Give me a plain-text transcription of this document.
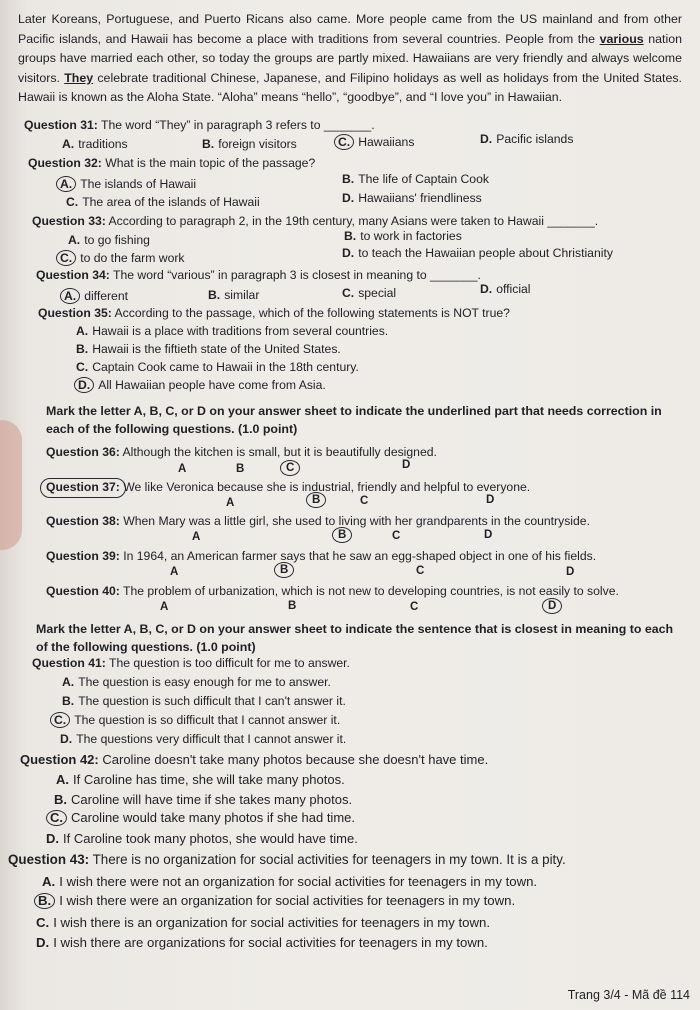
Later Koreans, Portuguese, and Puerto Ricans also came. More people came from the US mainland and from other Pacific islands, and Hawaii has become a place with traditions from several countries. People from the various nation groups have married each other, so today the groups are partly mixed. Hawaiians are very friendly and always welcome visitors. They celebrate traditional Chinese, Japanese, and Filipino holidays as well as holidays from the United States. Hawaii is known as the Aloha State. “Aloha” means “hello”, “goodbye”, and “I love you” in Hawaiian.
Question 31: The word “They” in paragraph 3 refers to _______.
A. traditions	B. foreign visitors	C. Hawaiians	D. Pacific islands
Question 32: What is the main topic of the passage?
A. The islands of Hawaii	B. The life of Captain Cook
C. The area of the islands of Hawaii	D. Hawaiians' friendliness
Question 33: According to paragraph 2, in the 19th century, many Asians were taken to Hawaii _______.
A. to go fishing	B. to work in factories
C. to do the farm work	D. to teach the Hawaiian people about Christianity
Question 34: The word “various” in paragraph 3 is closest in meaning to _______.
A. different	B. similar	C. special	D. official
Question 35: According to the passage, which of the following statements is NOT true?
A. Hawaii is a place with traditions from several countries.
B. Hawaii is the fiftieth state of the United States.
C. Captain Cook came to Hawaii in the 18th century.
D. All Hawaiian people have come from Asia.
Mark the letter A, B, C, or D on your answer sheet to indicate the underlined part that needs correction in each of the following questions. (1.0 point)
Question 36: Although the kitchen is small, but it is beautifully designed.
A	B	C	D
Question 37: We like Veronica because she is industrial, friendly and helpful to everyone.
A	B	C	D
Question 38: When Mary was a little girl, she used to living with her grandparents in the countryside.
A	B	C	D
Question 39: In 1964, an American farmer says that he saw an egg-shaped object in one of his fields.
A	B	C	D
Question 40: The problem of urbanization, which is not new to developing countries, is not easily to solve.
A	B	C	D
Mark the letter A, B, C, or D on your answer sheet to indicate the sentence that is closest in meaning to each of the following questions. (1.0 point)
Question 41: The question is too difficult for me to answer.
A. The question is easy enough for me to answer.
B. The question is such difficult that I can't answer it.
C. The question is so difficult that I cannot answer it.
D. The questions very difficult that I cannot answer it.
Question 42: Caroline doesn't take many photos because she doesn't have time.
A. If Caroline has time, she will take many photos.
B. Caroline will have time if she takes many photos.
C. Caroline would take many photos if she had time.
D. If Caroline took many photos, she would have time.
Question 43: There is no organization for social activities for teenagers in my town. It is a pity.
A. I wish there were not an organization for social activities for teenagers in my town.
B. I wish there were an organization for social activities for teenagers in my town.
C. I wish there is an organization for social activities for teenagers in my town.
D. I wish there are organizations for social activities for teenagers in my town.
Trang 3/4 - Mã đề 114
